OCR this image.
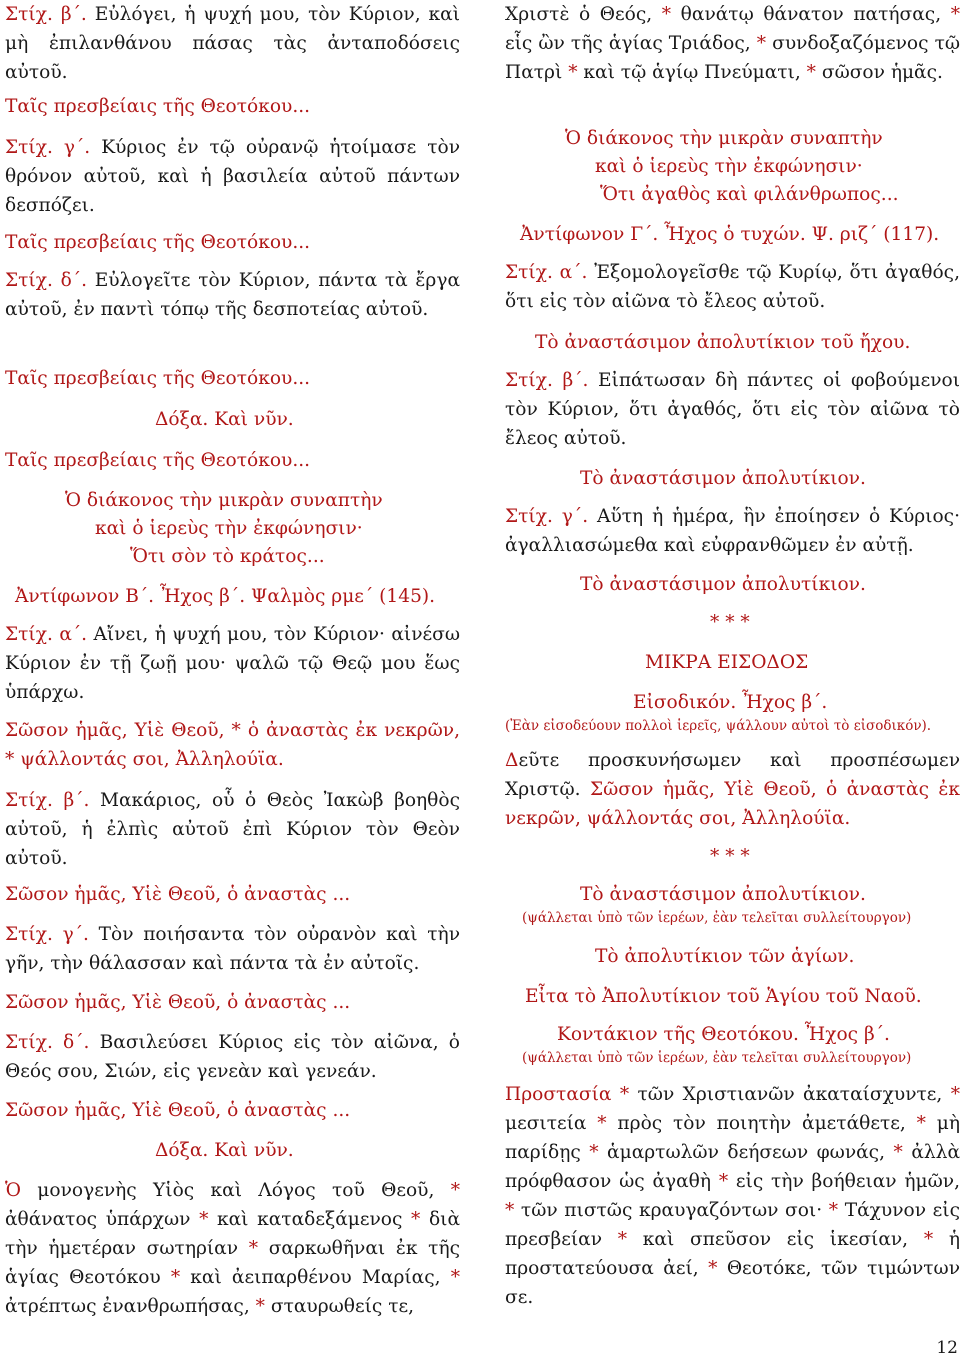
Στίχ. β΄. Εὐλόγει, ἡ ψυχή μου, τὸν Κύριον, καὶ μὴ ἐπιλανθάνου πάσας τὰς ἀνταποδόσεις αὐτοῦ.
Ταῖς πρεσβείαις τῆς Θεοτόκου...
Στίχ. γ΄. Κύριος ἐν τῷ οὐρανῷ ἡτοίμασε τὸν θρόνον αὐτοῦ, καὶ ἡ βασιλεία αὐτοῦ πάντων δεσπόζει.
Ταῖς πρεσβείαις τῆς Θεοτόκου...
Στίχ. δ΄. Εὐλογεῖτε τὸν Κύριον, πάντα τὰ ἔργα αὐτοῦ, ἐν παντὶ τόπῳ τῆς δεσποτείας αὐτοῦ.
Ταῖς πρεσβείαις τῆς Θεοτόκου...
Δόξα. Καὶ νῦν.
Ταῖς πρεσβείαις τῆς Θεοτόκου...
Ὁ διάκονος τὴν μικρὰν συναπτὴν
καὶ ὁ ἱερεὺς τὴν ἐκφώνησιν·
Ὅτι σὸν τὸ κράτος...
Ἀντίφωνον Β΄. Ἦχος β΄. Ψαλμὸς ρμε΄ (145).
Στίχ. α΄. Αἴνει, ἡ ψυχή μου, τὸν Κύριον· αἰνέσω Κύριον ἐν τῇ ζωῇ μου· ψαλῶ τῷ Θεῷ μου ἕως ὑπάρχω.
Σῶσον ἡμᾶς, Υἱὲ Θεοῦ, * ὁ ἀναστὰς ἐκ νεκρῶν, * ψάλλοντάς σοι, Ἀλληλούϊα.
Στίχ. β΄. Μακάριος, οὗ ὁ Θεὸς Ἰακὼβ βοηθὸς αὐτοῦ, ἡ ἐλπὶς αὐτοῦ ἐπὶ Κύριον τὸν Θεὸν αὐτοῦ.
Σῶσον ἡμᾶς, Υἱὲ Θεοῦ, ὁ ἀναστὰς ...
Στίχ. γ΄. Τὸν ποιήσαντα τὸν οὐρανὸν καὶ τὴν γῆν, τὴν θάλασσαν καὶ πάντα τὰ ἐν αὐτοῖς.
Σῶσον ἡμᾶς, Υἱὲ Θεοῦ, ὁ ἀναστὰς ...
Στίχ. δ΄. Βασιλεύσει Κύριος εἰς τὸν αἰῶνα, ὁ Θεός σου, Σιών, εἰς γενεὰν καὶ γενεάν.
Σῶσον ἡμᾶς, Υἱὲ Θεοῦ, ὁ ἀναστὰς ...
Δόξα. Καὶ νῦν.
Ὁ μονογενὴς Υἱὸς καὶ Λόγος τοῦ Θεοῦ, * ἀθάνατος ὑπάρχων * καὶ καταδεξάμενος * διὰ τὴν ἡμετέραν σωτηρίαν * σαρκωθῆναι ἐκ τῆς ἁγίας Θεοτόκου * καὶ ἀειπαρθένου Μαρίας, * ἀτρέπτως ἐνανθρωπήσας, * σταυρωθείς τε,
Χριστὲ ὁ Θεός, * θανάτῳ θάνατον πατήσας, * εἷς ὢν τῆς ἁγίας Τριάδος, * συνδοξαζόμενος τῷ Πατρὶ * καὶ τῷ ἁγίῳ Πνεύματι, * σῶσον ἡμᾶς.
Ὁ διάκονος τὴν μικρὰν συναπτὴν
καὶ ὁ ἱερεὺς τὴν ἐκφώνησιν·
Ὅτι ἀγαθὸς καὶ φιλάνθρωπος...
Ἀντίφωνον Γ΄. Ἦχος ὁ τυχών. Ψ. ριζ΄ (117).
Στίχ. α΄. Ἐξομολογεῖσθε τῷ Κυρίῳ, ὅτι ἀγαθός, ὅτι εἰς τὸν αἰῶνα τὸ ἔλεος αὐτοῦ.
Τὸ ἀναστάσιμον ἀπολυτίκιον τοῦ ἤχου.
Στίχ. β΄. Εἰπάτωσαν δὴ πάντες οἱ φοβούμενοι τὸν Κύριον, ὅτι ἀγαθός, ὅτι εἰς τὸν αἰῶνα τὸ ἔλεος αὐτοῦ.
Τὸ ἀναστάσιμον ἀπολυτίκιον.
Στίχ. γ΄. Αὕτη ἡ ἡμέρα, ἣν ἐποίησεν ὁ Κύριος· ἀγαλλιασώμεθα καὶ εὐφρανθῶμεν ἐν αὐτῇ.
Τὸ ἀναστάσιμον ἀπολυτίκιον.
* * *
ΜΙΚΡΑ ΕΙΣΟΔΟΣ
Εἰσοδικόν. Ἦχος β΄.
(Ἐὰν εἰσοδεύουν πολλοὶ ἱερεῖς, ψάλλουν αὐτοὶ τὸ εἰσοδικόν).
Δεῦτε προσκυνήσωμεν καὶ προσπέσωμεν Χριστῷ. Σῶσον ἡμᾶς, Υἱὲ Θεοῦ, ὁ ἀναστὰς ἐκ νεκρῶν, ψάλλοντάς σοι, Ἀλληλούϊα.
* * *
Τὸ ἀναστάσιμον ἀπολυτίκιον.
(ψάλλεται ὑπὸ τῶν ἱερέων, ἐὰν τελεῖται συλλείτουργον)
Τὸ ἀπολυτίκιον τῶν ἁγίων.
Εἶτα τὸ Ἀπολυτίκιον τοῦ Ἁγίου τοῦ Ναοῦ.
Κοντάκιον τῆς Θεοτόκου. Ἦχος β΄.
(ψάλλεται ὑπὸ τῶν ἱερέων, ἐὰν τελεῖται συλλείτουργον)
Προστασία * τῶν Χριστιανῶν ἀκαταίσχυντε, * μεσιτεία * πρὸς τὸν ποιητὴν ἀμετάθετε, * μὴ παρίδῃς * ἁμαρτωλῶν δεήσεων φωνάς, * ἀλλὰ πρόφθασον ὡς ἀγαθὴ * εἰς τὴν βοήθειαν ἡμῶν, * τῶν πιστῶς κραυγαζόντων σοι· * Τάχυνον εἰς πρεσβείαν * καὶ σπεῦσον εἰς ἱκεσίαν, * ἡ προστατεύουσα ἀεί, * Θεοτόκε, τῶν τιμώντων σε.
12
